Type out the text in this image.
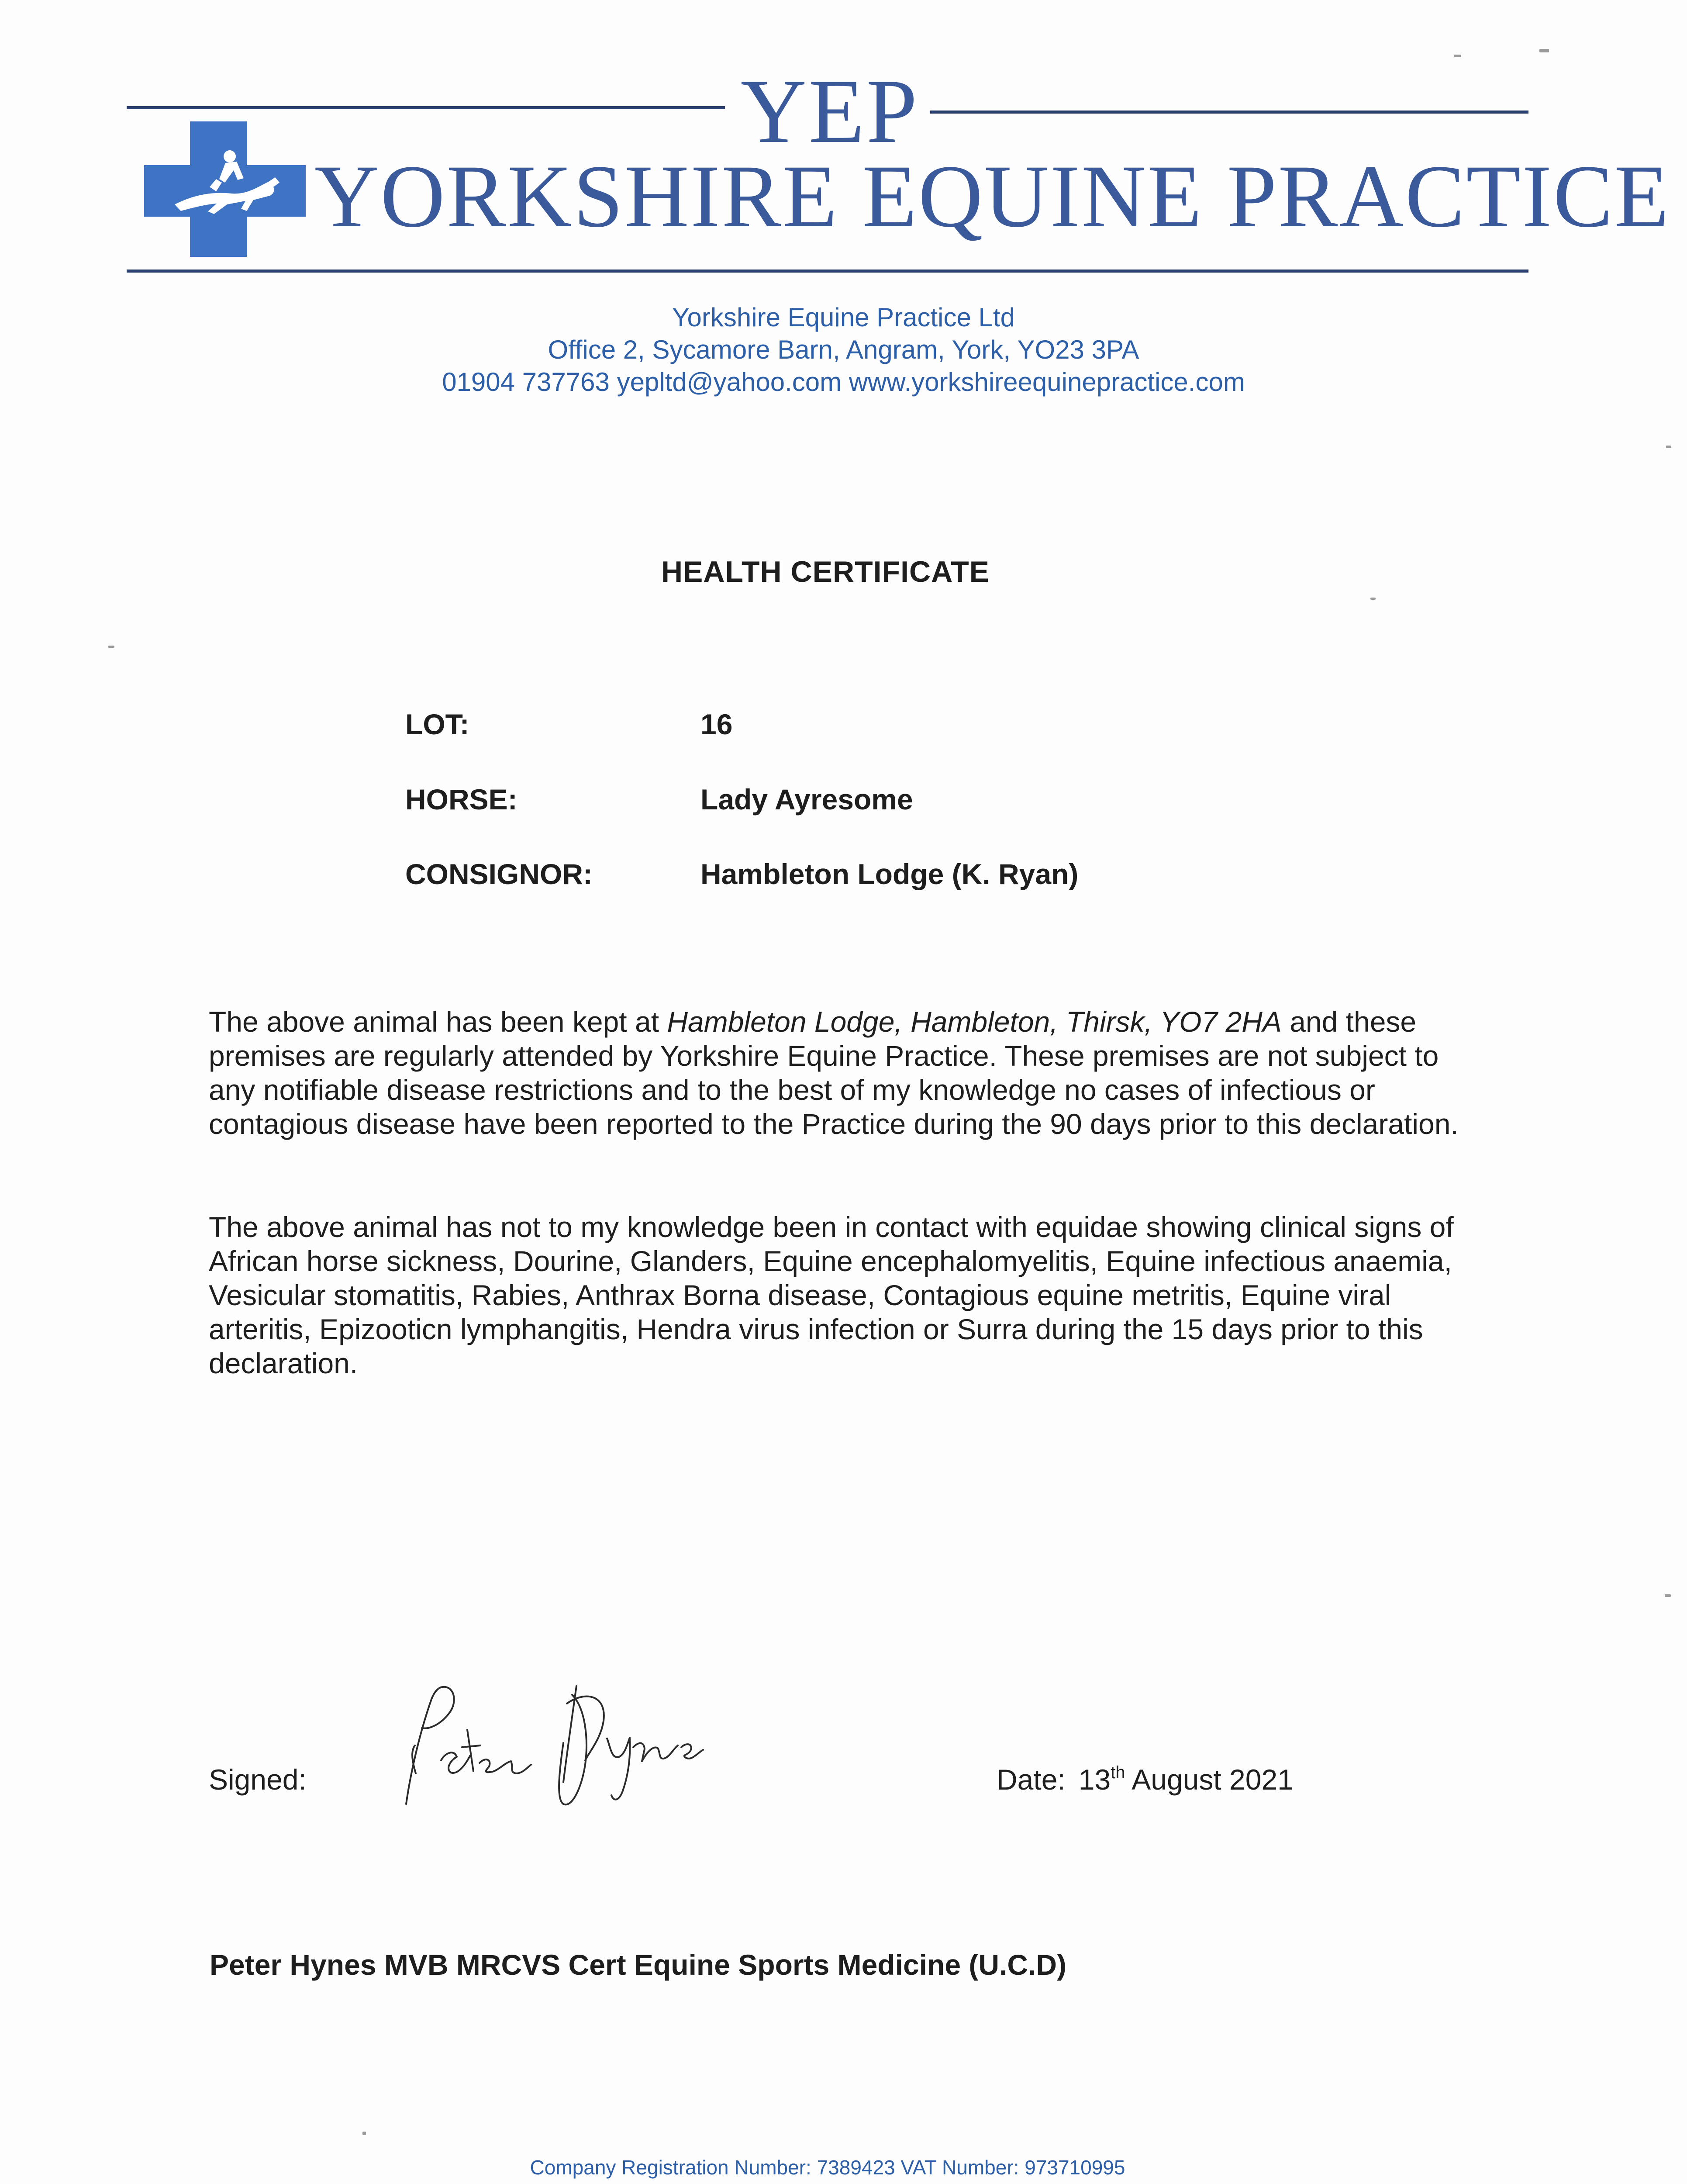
YEP
YORKSHIRE EQUINE PRACTICE
Yorkshire Equine Practice Ltd
Office 2, Sycamore Barn, Angram, York, YO23 3PA
01904 737763 yepltd@yahoo.com www.yorkshireequinepractice.com
HEALTH CERTIFICATE
LOT:	16
HORSE:	Lady Ayresome
CONSIGNOR:	Hambleton Lodge (K. Ryan)
The above animal has been kept at Hambleton Lodge, Hambleton, Thirsk, YO7 2HA and these premises are regularly attended by Yorkshire Equine Practice. These premises are not subject to any notifiable disease restrictions and to the best of my knowledge no cases of infectious or contagious disease have been reported to the Practice during the 90 days prior to this declaration.
The above animal has not to my knowledge been in contact with equidae showing clinical signs of African horse sickness, Dourine, Glanders, Equine encephalomyelitis, Equine infectious anaemia, Vesicular stomatitis, Rabies, Anthrax Borna disease, Contagious equine metritis, Equine viral arteritis, Epizooticn lymphangitis, Hendra virus infection or Surra during the 15 days prior to this declaration.
Signed:	Date: 13th August 2021
Peter Hynes MVB MRCVS Cert Equine Sports Medicine (U.C.D)
Company Registration Number: 7389423 VAT Number: 973710995
